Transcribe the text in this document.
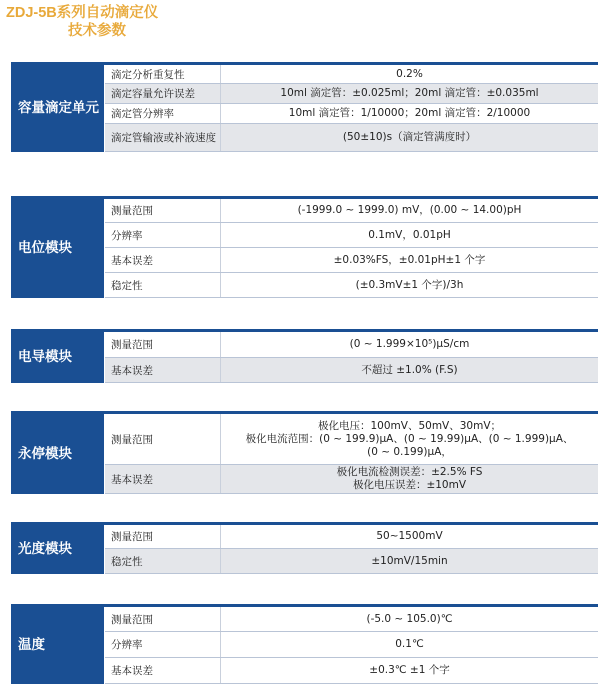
ZDJ-5B系列自动滴定仪
技术参数
容量滴定单元	滴定分析重复性	0.2%
	滴定容量允许误差	10ml 滴定管：±0.025ml；20ml 滴定管：±0.035ml
	滴定管分辨率	10ml 滴定管：1/10000；20ml 滴定管：2/10000
	滴定管输液或补液速度	(50±10)s（滴定管满度时）
电位模块	测量范围	(-1999.0 ~ 1999.0) mV，(0.00 ~ 14.00)pH
	分辨率	0.1mV，0.01pH
	基本误差	±0.03%FS，±0.01pH±1 个字
	稳定性	(±0.3mV±1 个字)/3h
电导模块	测量范围	(0 ~ 1.999×10⁵)μS/cm
	基本误差	不超过 ±1.0% (F.S)
永停模块	测量范围	极化电压：100mV、50mV、30mV；
极化电流范围：(0 ~ 199.9)μA、(0 ~ 19.99)μA、(0 ~ 1.999)μA、
(0 ~ 0.199)μA，

	基本误差	极化电流检测误差：±2.5% FS
极化电压误差：±10mV
光度模块	测量范围	50~1500mV
	稳定性	±10mV/15min
温度	测量范围	(-5.0 ~ 105.0)℃
	分辨率	0.1℃
	基本误差	±0.3℃ ±1 个字
